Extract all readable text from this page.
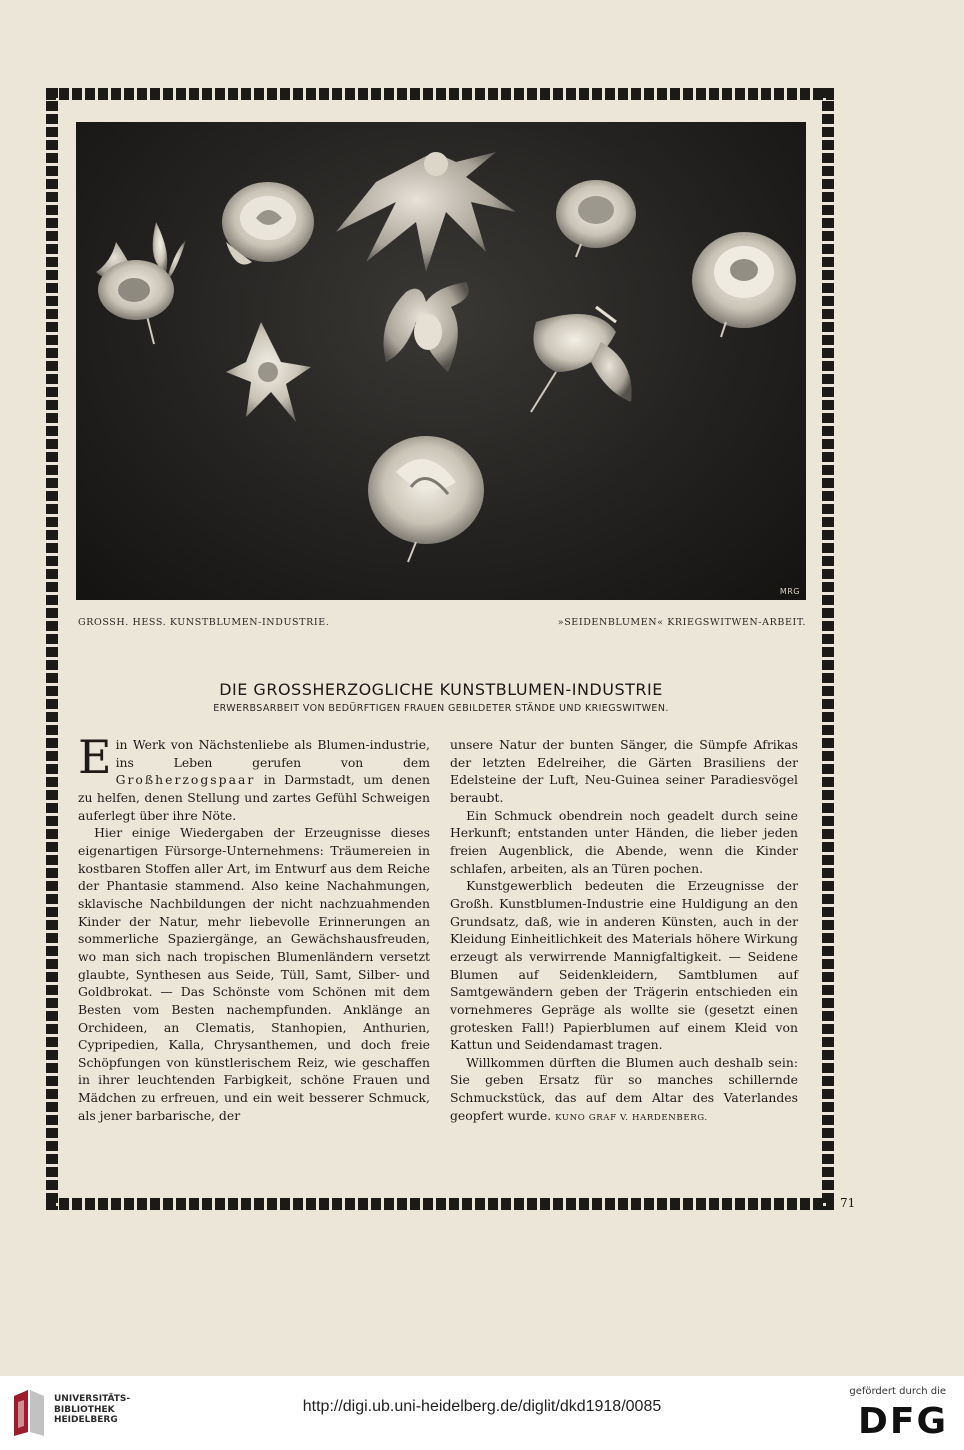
MRG
GROSSH. HESS. KUNSTBLUMEN-INDUSTRIE.	»SEIDENBLUMEN« KRIEGSWITWEN-ARBEIT.
DIE GROSSHERZOGLICHE KUNSTBLUMEN-INDUSTRIE
ERWERBSARBEIT VON BEDÜRFTIGEN FRAUEN GEBILDETER STÄNDE UND KRIEGSWITWEN.

Ein Werk von Nächstenliebe als Blumen-industrie, ins Leben gerufen von dem Großherzogspaar in Darmstadt, um denen zu helfen, denen Stellung und zartes Gefühl Schweigen auferlegt über ihre Nöte.

Hier einige Wiedergaben der Erzeugnisse dieses eigenartigen Fürsorge-Unternehmens: Träumereien in kostbaren Stoffen aller Art, im Entwurf aus dem Reiche der Phantasie stammend. Also keine Nachahmungen, sklavische Nachbildungen der nicht nachzuahmenden Kinder der Natur, mehr liebevolle Erinnerungen an sommerliche Spaziergänge, an Gewächshausfreuden, wo man sich nach tropischen Blumenländern versetzt glaubte, Synthesen aus Seide, Tüll, Samt, Silber- und Goldbrokat. — Das Schönste vom Schönen mit dem Besten vom Besten nachempfunden. Anklänge an Orchideen, an Clematis, Stanhopien, Anthurien, Cypripedien, Kalla, Chrysanthemen, und doch freie Schöpfungen von künstlerischem Reiz, wie geschaffen in ihrer leuchtenden Farbigkeit, schöne Frauen und Mädchen zu erfreuen, und ein weit besserer Schmuck, als jener barbarische, der

unsere Natur der bunten Sänger, die Sümpfe Afrikas der letzten Edelreiher, die Gärten Brasiliens der Edelsteine der Luft, Neu-Guinea seiner Paradiesvögel beraubt.

Ein Schmuck obendrein noch geadelt durch seine Herkunft; entstanden unter Händen, die lieber jeden freien Augenblick, die Abende, wenn die Kinder schlafen, arbeiten, als an Türen pochen.

Kunstgewerblich bedeuten die Erzeugnisse der Großh. Kunstblumen-Industrie eine Huldigung an den Grundsatz, daß, wie in anderen Künsten, auch in der Kleidung Einheitlichkeit des Materials höhere Wirkung erzeugt als verwirrende Mannigfaltigkeit. — Seidene Blumen auf Seidenkleidern, Samtblumen auf Samtgewändern geben der Trägerin entschieden ein vornehmeres Gepräge als wollte sie (gesetzt einen grotesken Fall!) Papierblumen auf einem Kleid von Kattun und Seidendamast tragen.

Willkommen dürften die Blumen auch deshalb sein: Sie geben Ersatz für so manches schillernde Schmuckstück, das auf dem Altar des Vaterlandes geopfert wurde. KUNO GRAF V. HARDENBERG.

71
UNIVERSITÄTS-
BIBLIOTHEK
HEIDELBERG
http://digi.ub.uni-heidelberg.de/diglit/dkd1918/0085
gefördert durch die
DFG
